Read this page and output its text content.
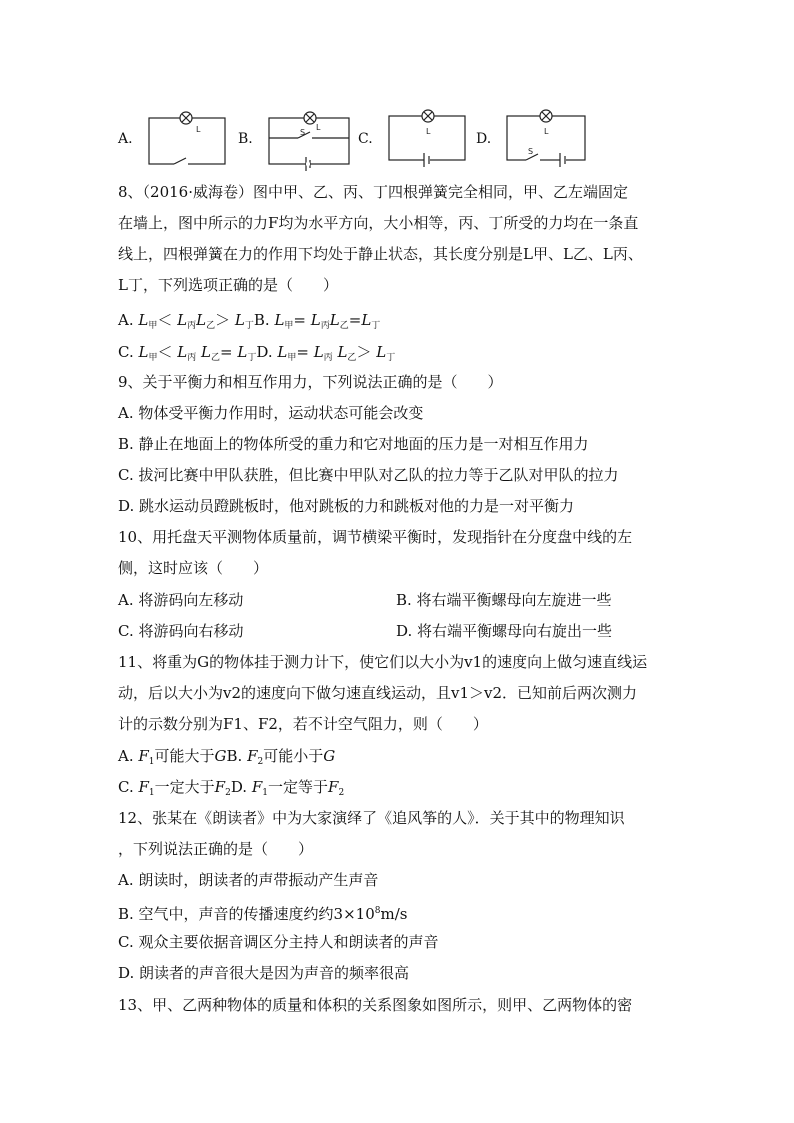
A.
L
B.
L
S	C.	L	D.	L
S
8、（2016·威海卷）图中甲、乙、丙、丁四根弹簧完全相同，甲、乙左端固定
在墙上，图中所示的力F均为水平方向，大小相等，丙、丁所受的力均在一条直
线上，四根弹簧在力的作用下均处于静止状态，其长度分别是L甲、L乙、L丙、
L丁，下列选项正确的是（　　）
A. $L_甲< L_丙L_乙> L_丁B$. $L_甲= L_丙L_乙=L_丁$
C. $L_甲< L_丙$ $L_乙= L_丁D$. $L_甲= L_丙$ $L_乙> L_丁$
9、关于平衡力和相互作用力，下列说法正确的是（　　）
A. 物体受平衡力作用时，运动状态可能会改变
B. 静止在地面上的物体所受的重力和它对地面的压力是一对相互作用力
C. 拔河比赛中甲队获胜，但比赛中甲队对乙队的拉力等于乙队对甲队的拉力
D. 跳水运动员蹬跳板时，他对跳板的力和跳板对他的力是一对平衡力
10、用托盘天平测物体质量前，调节横梁平衡时，发现指针在分度盘中线的左
侧，这时应该（　　）
A. 将游码向左移动	B. 将右端平衡螺母向左旋进一些
C. 将游码向右移动	D. 将右端平衡螺母向右旋出一些
11、将重为G的物体挂于测力计下，使它们以大小为v1的速度向上做匀速直线运
动，后以大小为v2的速度向下做匀速直线运动，且v1＞v2．已知前后两次测力
计的示数分别为F1、F2，若不计空气阻力，则（　　）
A. $F_1$可能大于GB. $F_2$可能小于G
C. $F_1$一定大于$F_2D$. $F_1$一定等于$F_2$
12、张某在《朗读者》中为大家演绎了《追风筝的人》．关于其中的物理知识
，下列说法正确的是（　　）
A. 朗读时，朗读者的声带振动产生声音
B. 空气中，声音的传播速度约约$3\times 10^8m/s$
C. 观众主要依据音调区分主持人和朗读者的声音
D. 朗读者的声音很大是因为声音的频率很高
13、甲、乙两种物体的质量和体积的关系图象如图所示，则甲、乙两物体的密
